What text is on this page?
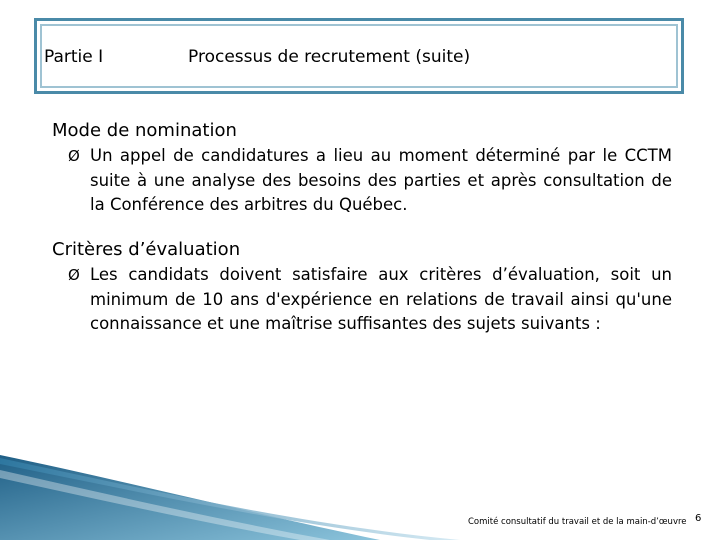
Partie I	Processus de recrutement (suite)

Mode de nomination

Ø Un appel de candidatures a lieu au moment déterminé par le CCTM suite à une analyse des besoins des parties et après consultation de la Conférence des arbitres du Québec.

Critères d’évaluation

Ø Les candidats doivent satisfaire aux critères d’évaluation, soit un minimum de 10 ans d'expérience en relations de travail ainsi qu'une connaissance et une maîtrise suffisantes des sujets suivants :
Comité consultatif du travail et de la main-d’œuvre 6
